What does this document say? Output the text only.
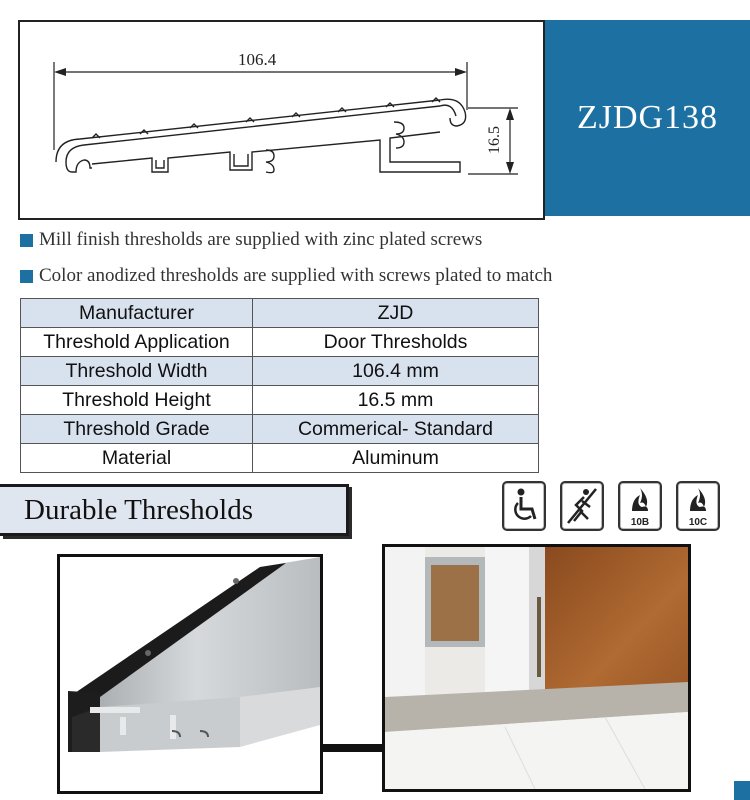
106.4
16.5
ZJDG138
Mill finish thresholds are supplied with zinc plated screws
Color anodized thresholds are supplied with screws plated to match
Manufacturer	ZJD
Threshold Application	Door Thresholds
Threshold Width	106.4 mm
Threshold Height	16.5 mm
Threshold Grade	Commerical- Standard
Material	Aluminum
Durable Thresholds	10B	10C
